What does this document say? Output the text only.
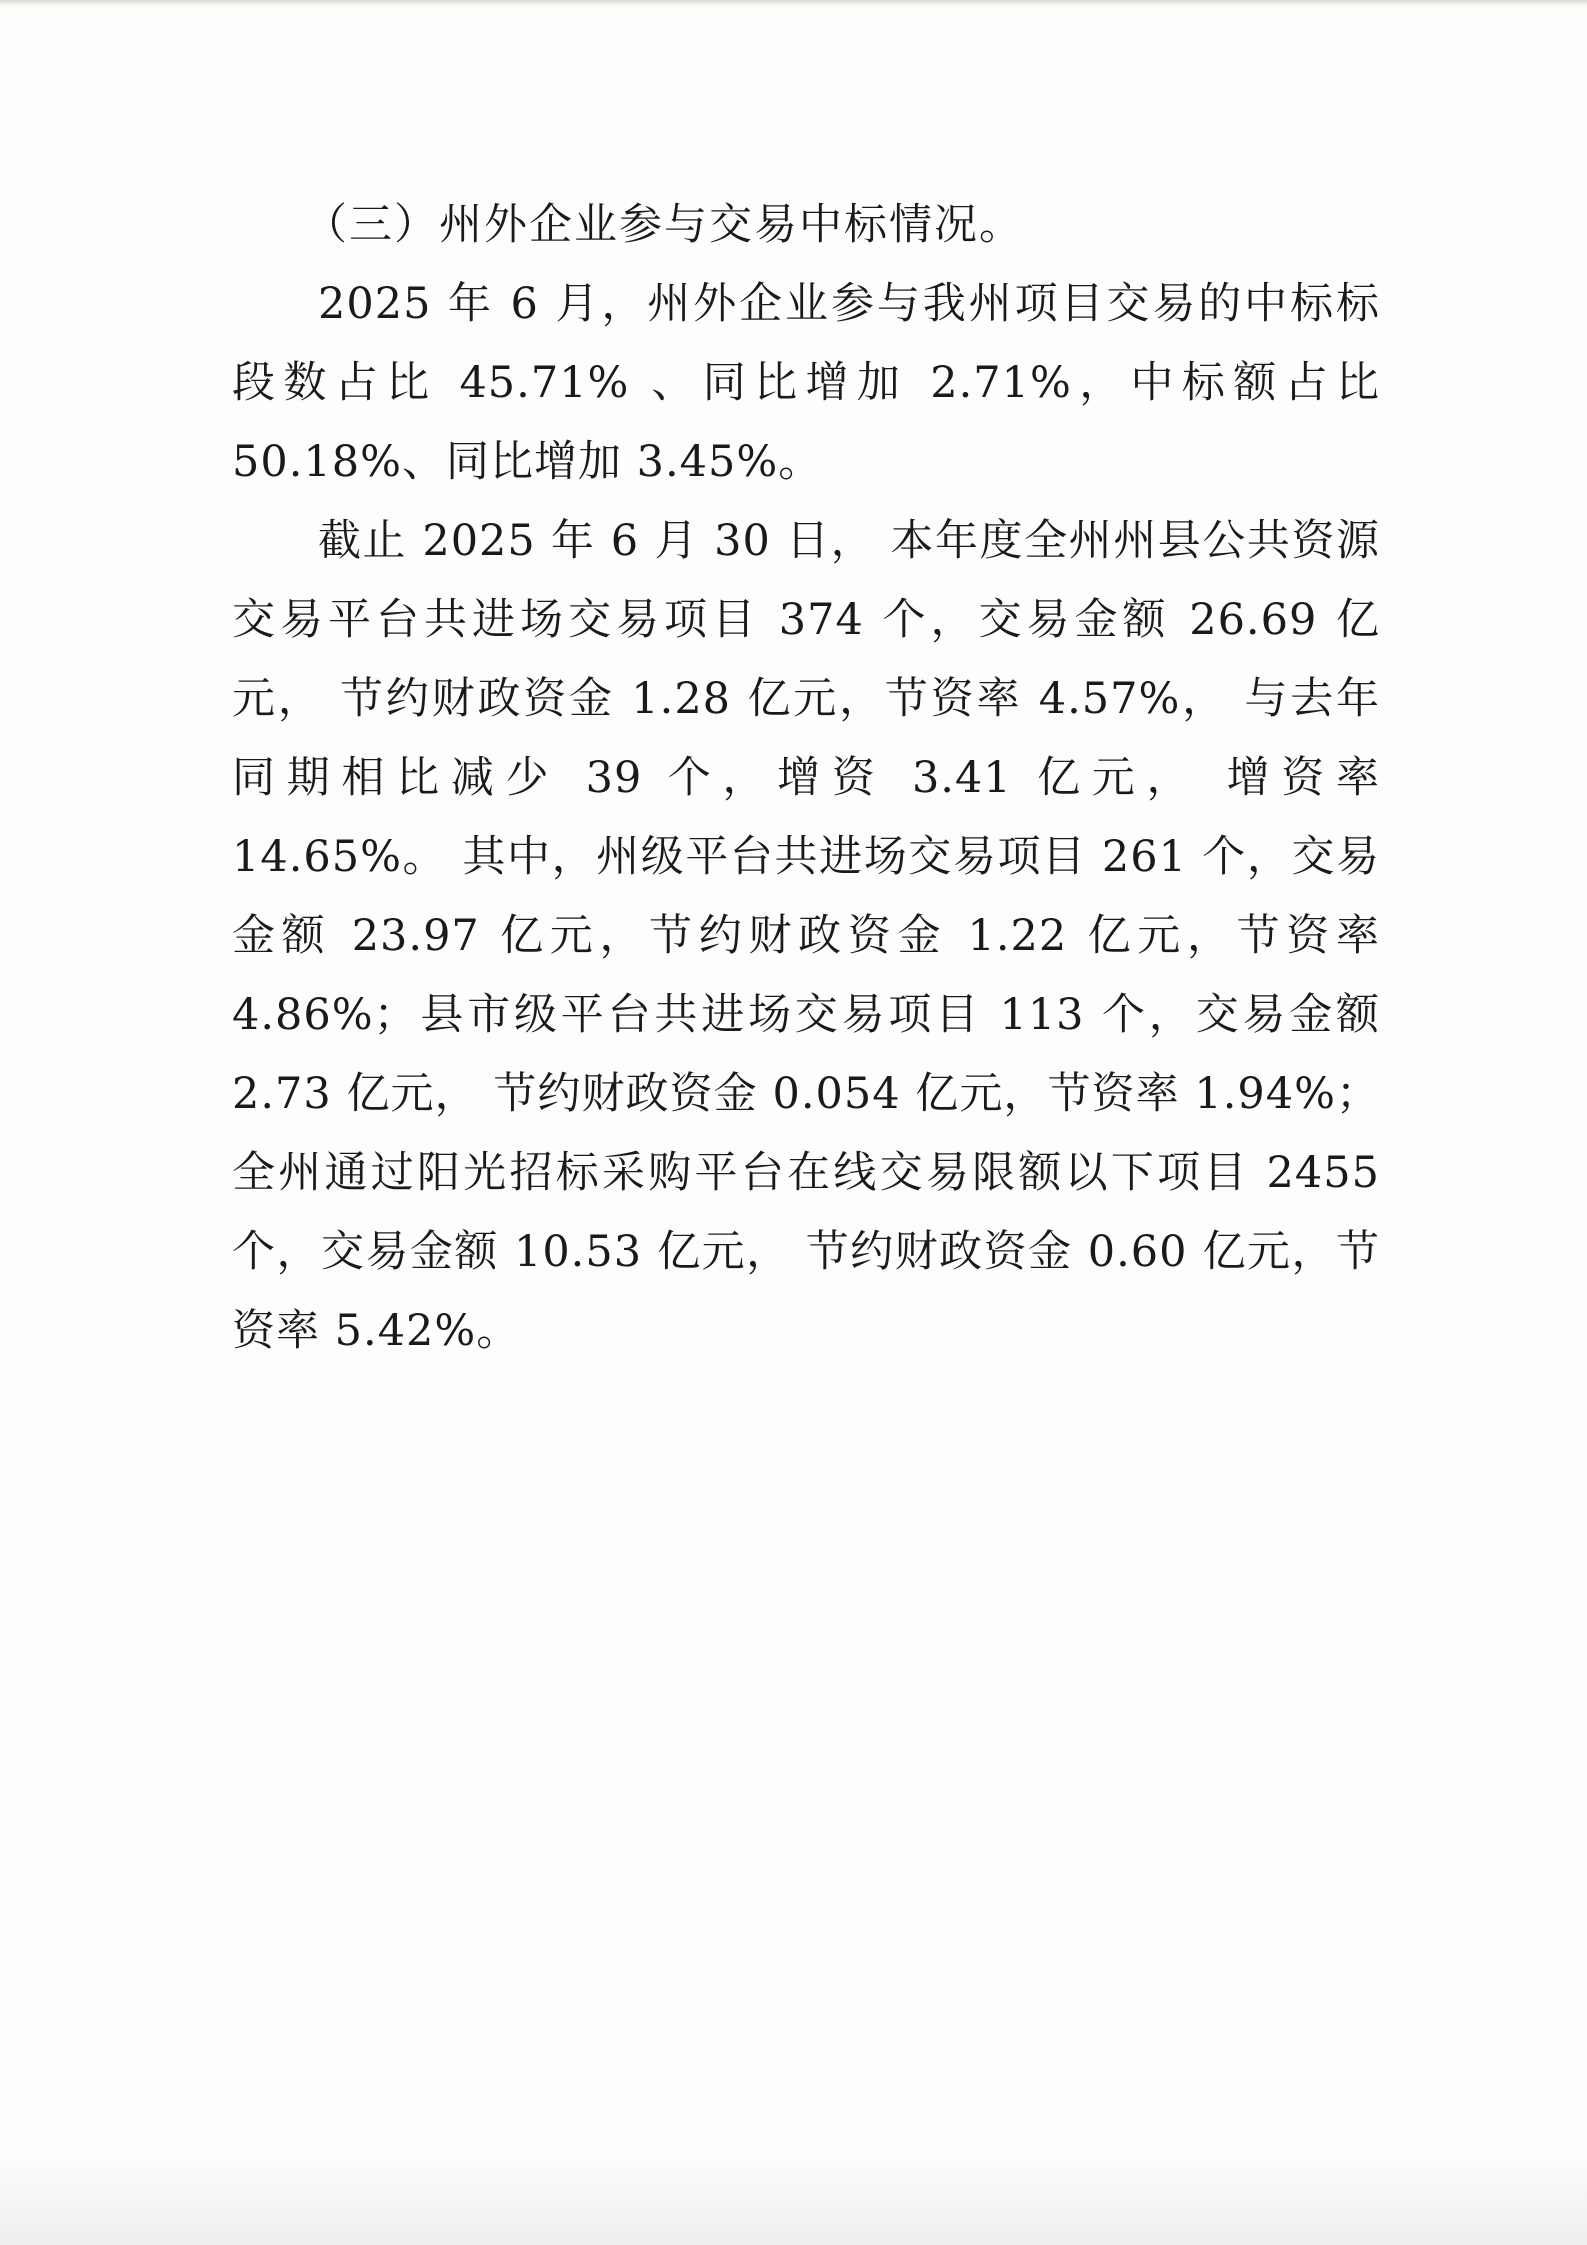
（三）州外企业参与交易中标情况。

2025 年 6 月，州外企业参与我州项目交易的中标标段数占比 45.71% 、同比增加 2.71%，中标额占比 50.18%、同比增加 3.45%。

截止 2025 年 6 月 30 日， 本年度全州州县公共资源交易平台共进场交易项目 374 个，交易金额 26.69 亿元， 节约财政资金 1.28 亿元，节资率 4.57%， 与去年同期相比减少 39 个，增资 3.41 亿元， 增资率 14.65%。 其中，州级平台共进场交易项目 261 个，交易金额 23.97 亿元，节约财政资金 1.22 亿元，节资率 4.86%；县市级平台共进场交易项目 113 个，交易金额 2.73 亿元， 节约财政资金 0.054 亿元，节资率 1.94%； 全州通过阳光招标采购平台在线交易限额以下项目 2455 个，交易金额 10.53 亿元， 节约财政资金 0.60 亿元，节资率 5.42%。
